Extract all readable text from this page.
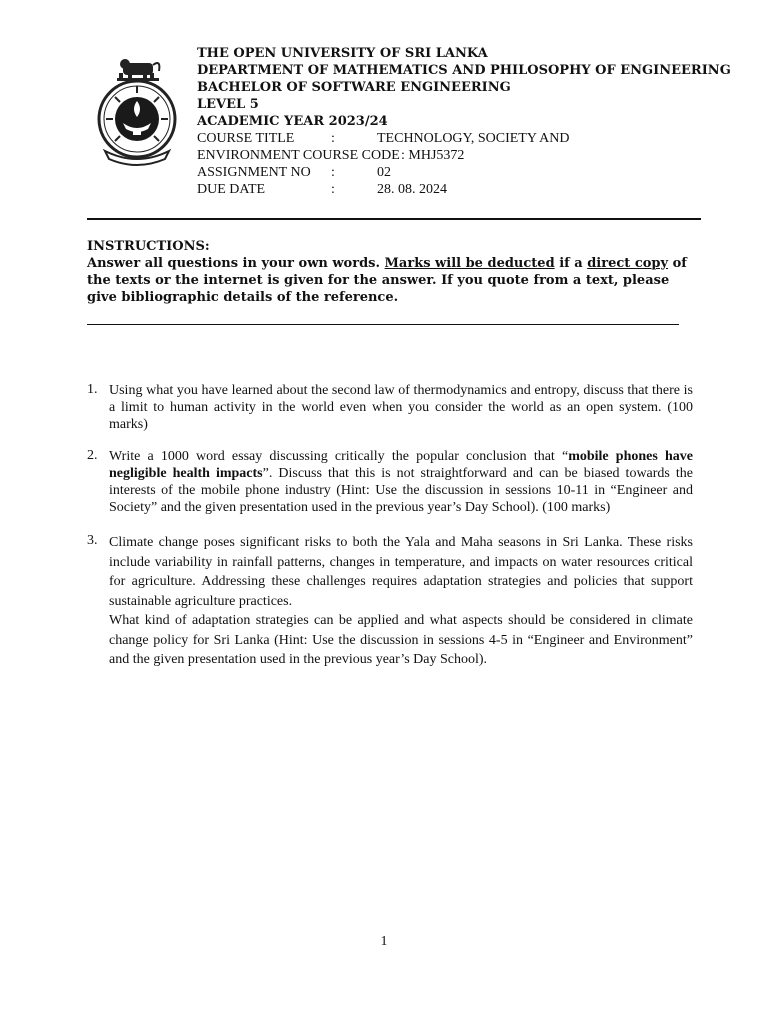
THE OPEN UNIVERSITY OF SRI LANKA
DEPARTMENT OF MATHEMATICS AND PHILOSOPHY OF ENGINEERING
BACHELOR OF SOFTWARE ENGINEERING
LEVEL 5
ACADEMIC YEAR 2023/24
COURSE TITLE	:	TECHNOLOGY, SOCIETY AND
ENVIRONMENT COURSE CODE : MHJ5372
ASSIGNMENT NO :	02
DUE DATE	:	28. 08. 2024
INSTRUCTIONS:
Answer all questions in your own words. Marks will be deducted if a direct copy of the texts or the internet is given for the answer. If you quote from a text, please give bibliographic details of the reference.
1. Using what you have learned about the second law of thermodynamics and entropy, discuss that there is a limit to human activity in the world even when you consider the world as an open system. (100 marks)
2. Write a 1000 word essay discussing critically the popular conclusion that “mobile phones have negligible health impacts”. Discuss that this is not straightforward and can be biased towards the interests of the mobile phone industry (Hint: Use the discussion in sessions 10-11 in “Engineer and Society” and the given presentation used in the previous year’s Day School). (100 marks)
3. Climate change poses significant risks to both the Yala and Maha seasons in Sri Lanka. These risks include variability in rainfall patterns, changes in temperature, and impacts on water resources critical for agriculture. Addressing these challenges requires adaptation strategies and policies that support sustainable agriculture practices.
What kind of adaptation strategies can be applied and what aspects should be considered in climate change policy for Sri Lanka (Hint: Use the discussion in sessions 4-5 in “Engineer and Environment” and the given presentation used in the previous year’s Day School).
1
